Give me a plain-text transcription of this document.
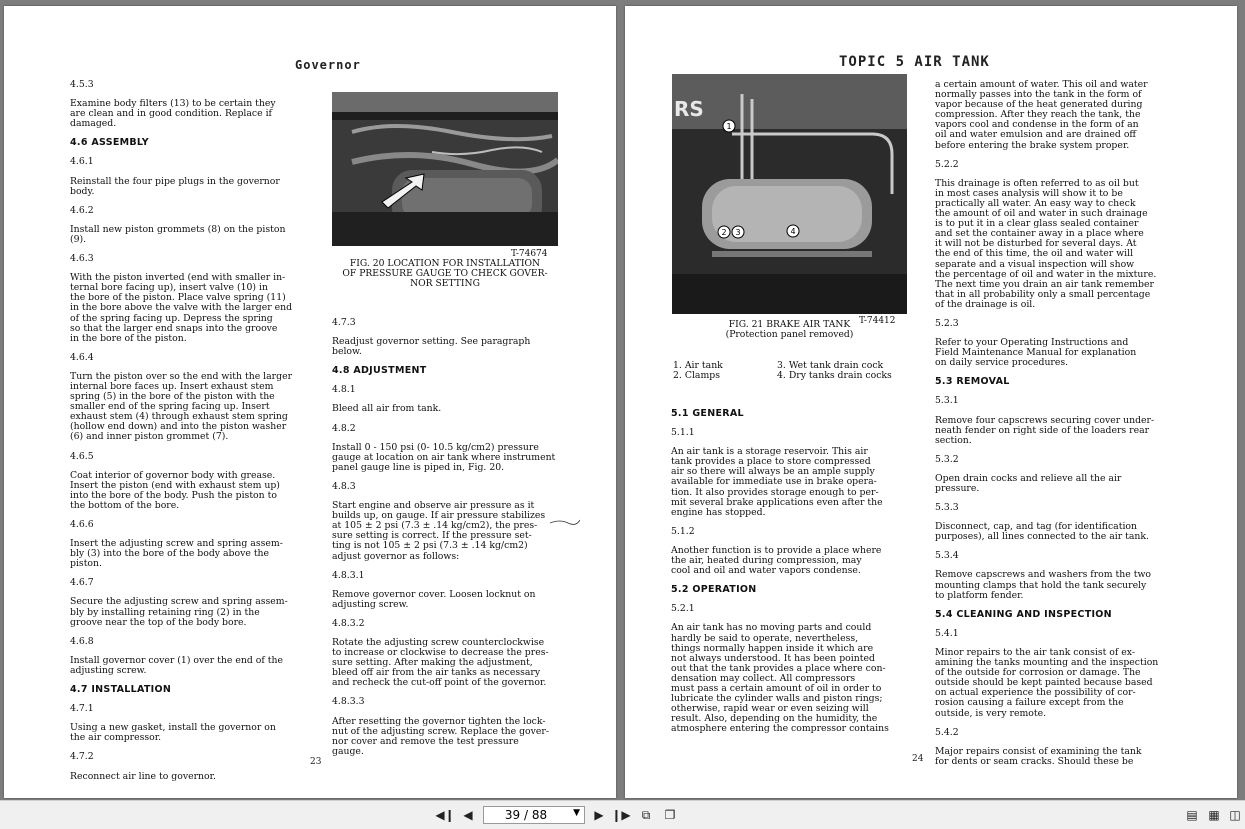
Governor

4.5.3

Examine body filters (13) to be certain they
are clean and in good condition. Replace if
damaged.

4.6 ASSEMBLY

4.6.1

Reinstall the four pipe plugs in the governor
body.

4.6.2

Install new piston grommets (8) on the piston
(9).

4.6.3

With the piston inverted (end with smaller in-
ternal bore facing up), insert valve (10) in
the bore of the piston. Place valve spring (11)
in the bore above the valve with the larger end
of the spring facing up. Depress the spring
so that the larger end snaps into the groove
in the bore of the piston.

4.6.4

Turn the piston over so the end with the larger
internal bore faces up. Insert exhaust stem
spring (5) in the bore of the piston with the
smaller end of the spring facing up. Insert
exhaust stem (4) through exhaust stem spring
(hollow end down) and into the piston washer
(6) and inner piston grommet (7).

4.6.5

Coat interior of governor body with grease.
Insert the piston (end with exhaust stem up)
into the bore of the body. Push the piston to
the bottom of the bore.

4.6.6

Insert the adjusting screw and spring assem-
bly (3) into the bore of the body above the
piston.

4.6.7

Secure the adjusting screw and spring assem-
bly by installing retaining ring (2) in the
groove near the top of the body bore.

4.6.8

Install governor cover (1) over the end of the
adjusting screw.

4.7 INSTALLATION

4.7.1

Using a new gasket, install the governor on
the air compressor.

4.7.2

Reconnect air line to governor.

T-74674
FIG. 20 LOCATION FOR INSTALLATION
OF PRESSURE GAUGE TO CHECK GOVER-
NOR SETTING

4.7.3

Readjust governor setting. See paragraph
below.

4.8 ADJUSTMENT

4.8.1

Bleed all air from tank.

4.8.2

Install 0 - 150 psi (0- 10.5 kg/cm2) pressure
gauge at location on air tank where instrument
panel gauge line is piped in, Fig. 20.

4.8.3

Start engine and observe air pressure as it
builds up, on gauge. If air pressure stabilizes
at 105 ± 2 psi (7.3 ± .14 kg/cm2), the pres-
sure setting is correct. If the pressure set-
ting is not 105 ± 2 psi (7.3 ± .14 kg/cm2)
adjust governor as follows:

4.8.3.1

Remove governor cover. Loosen locknut on
adjusting screw.

4.8.3.2

Rotate the adjusting screw counterclockwise
to increase or clockwise to decrease the pres-
sure setting. After making the adjustment,
bleed off air from the air tanks as necessary
and recheck the cut-off point of the governor.

4.8.3.3

After resetting the governor tighten the lock-
nut of the adjusting screw. Replace the gover-
nor cover and remove the test pressure
gauge.

23
TOPIC 5 AIR TANK
RS
1
2 3	4
T-74412
FIG. 21 BRAKE AIR TANK
(Protection panel removed)
1. Air tank
2. Clamps
3. Wet tank drain cock
4. Dry tanks drain cocks

5.1 GENERAL

5.1.1

An air tank is a storage reservoir. This air
tank provides a place to store compressed
air so there will always be an ample supply
available for immediate use in brake opera-
tion. It also provides storage enough to per-
mit several brake applications even after the
engine has stopped.

5.1.2

Another function is to provide a place where
the air, heated during compression, may
cool and oil and water vapors condense.

5.2 OPERATION

5.2.1

An air tank has no moving parts and could
hardly be said to operate, nevertheless,
things normally happen inside it which are
not always understood. It has been pointed
out that the tank provides a place where con-
densation may collect. All compressors
must pass a certain amount of oil in order to
lubricate the cylinder walls and piston rings;
otherwise, rapid wear or even seizing will
result. Also, depending on the humidity, the
atmosphere entering the compressor contains

a certain amount of water. This oil and water
normally passes into the tank in the form of
vapor because of the heat generated during
compression. After they reach the tank, the
vapors cool and condense in the form of an
oil and water emulsion and are drained off
before entering the brake system proper.

5.2.2

This drainage is often referred to as oil but
in most cases analysis will show it to be
practically all water. An easy way to check
the amount of oil and water in such drainage
is to put it in a clear glass sealed container
and set the container away in a place where
it will not be disturbed for several days. At
the end of this time, the oil and water will
separate and a visual inspection will show
the percentage of oil and water in the mixture.
The next time you drain an air tank remember
that in all probability only a small percentage
of the drainage is oil.

5.2.3

Refer to your Operating Instructions and
Field Maintenance Manual for explanation
on daily service procedures.

5.3 REMOVAL

5.3.1

Remove four capscrews securing cover under-
neath fender on right side of the loaders rear
section.

5.3.2

Open drain cocks and relieve all the air
pressure.

5.3.3

Disconnect, cap, and tag (for identification
purposes), all lines connected to the air tank.

5.3.4

Remove capscrews and washers from the two
mounting clamps that hold the tank securely
to platform fender.

5.4 CLEANING AND INSPECTION

5.4.1

Minor repairs to the air tank consist of ex-
amining the tanks mounting and the inspection
of the outside for corrosion or damage. The
outside should be kept painted because based
on actual experience the possibility of cor-
rosion causing a failure except from the
outside, is very remote.

5.4.2

Major repairs consist of examining the tank
for dents or seam cracks. Should these be

24
◀❙ ◀	39 / 88	▼	▶ ❙▶ ⧉	❐	▤ ▦ ◫
